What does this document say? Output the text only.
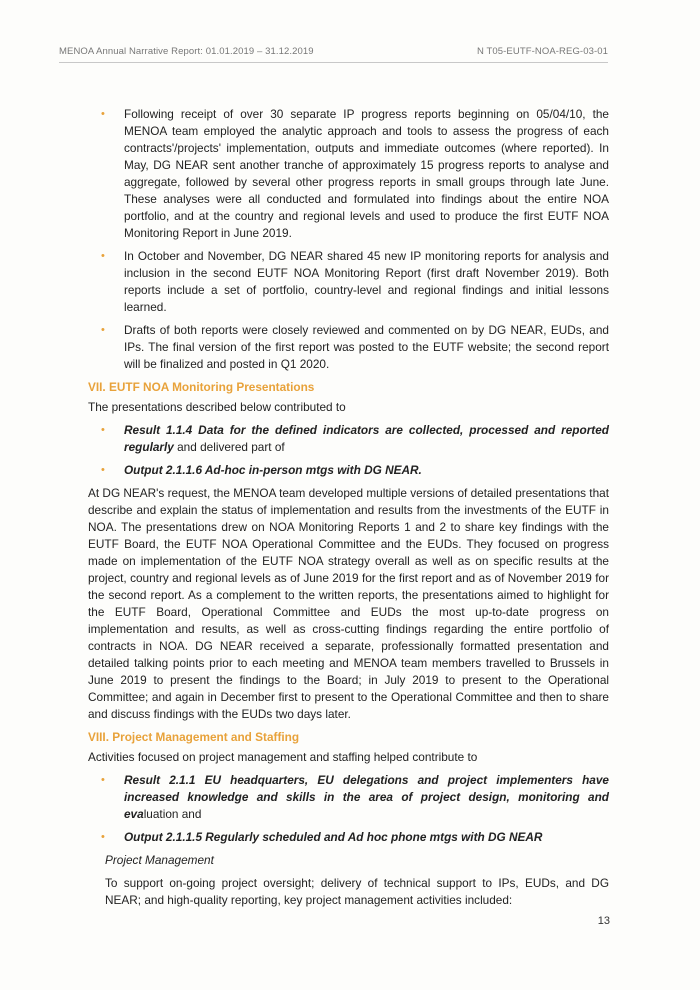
MENOA Annual Narrative Report: 01.01.2019 – 31.12.2019	N T05-EUTF-NOA-REG-03-01
• Following receipt of over 30 separate IP progress reports beginning on 05/04/10, the MENOA team employed the analytic approach and tools to assess the progress of each contracts'/projects' implementation, outputs and immediate outcomes (where reported). In May, DG NEAR sent another tranche of approximately 15 progress reports to analyse and aggregate, followed by several other progress reports in small groups through late June. These analyses were all conducted and formulated into findings about the entire NOA portfolio, and at the country and regional levels and used to produce the first EUTF NOA Monitoring Report in June 2019.
• In October and November, DG NEAR shared 45 new IP monitoring reports for analysis and inclusion in the second EUTF NOA Monitoring Report (first draft November 2019). Both reports include a set of portfolio, country-level and regional findings and initial lessons learned.
• Drafts of both reports were closely reviewed and commented on by DG NEAR, EUDs, and IPs. The final version of the first report was posted to the EUTF website; the second report will be finalized and posted in Q1 2020.
VII. EUTF NOA Monitoring Presentations

The presentations described below contributed to

• Result 1.1.4 Data for the defined indicators are collected, processed and reported regularly and delivered part of
• Output 2.1.1.6 Ad-hoc in-person mtgs with DG NEAR.

At DG NEAR's request, the MENOA team developed multiple versions of detailed presentations that describe and explain the status of implementation and results from the investments of the EUTF in NOA. The presentations drew on NOA Monitoring Reports 1 and 2 to share key findings with the EUTF Board, the EUTF NOA Operational Committee and the EUDs. They focused on progress made on implementation of the EUTF NOA strategy overall as well as on specific results at the project, country and regional levels as of June 2019 for the first report and as of November 2019 for the second report. As a complement to the written reports, the presentations aimed to highlight for the EUTF Board, Operational Committee and EUDs the most up-to-date progress on implementation and results, as well as cross-cutting findings regarding the entire portfolio of contracts in NOA. DG NEAR received a separate, professionally formatted presentation and detailed talking points prior to each meeting and MENOA team members travelled to Brussels in June 2019 to present the findings to the Board; in July 2019 to present to the Operational Committee; and again in December first to present to the Operational Committee and then to share and discuss findings with the EUDs two days later.

VIII. Project Management and Staffing

Activities focused on project management and staffing helped contribute to

• Result 2.1.1 EU headquarters, EU delegations and project implementers have increased knowledge and skills in the area of project design, monitoring and evaluation and
• Output 2.1.1.5 Regularly scheduled and Ad hoc phone mtgs with DG NEAR

Project Management

To support on-going project oversight; delivery of technical support to IPs, EUDs, and DG NEAR; and high-quality reporting, key project management activities included:

13
